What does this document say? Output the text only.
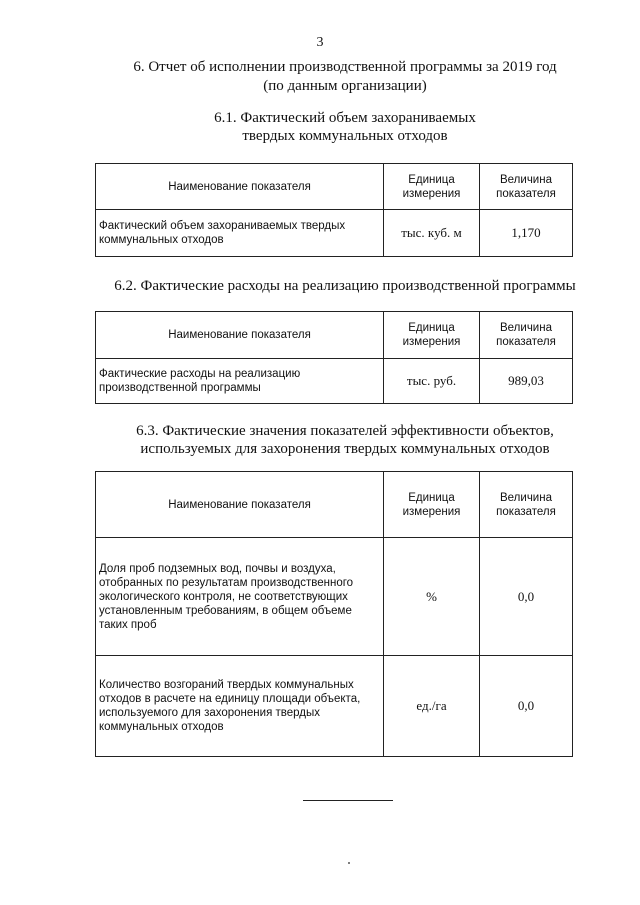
3
6. Отчет об исполнении производственной программы за 2019 год
(по данным организации)
6.1. Фактический объем захораниваемых
твердых коммунальных отходов
Наименование показателя	Единица измерения	Величина показателя
Фактический объем захораниваемых твердых коммунальных отходов	тыс. куб. м	1,170
6.2. Фактические расходы на реализацию производственной программы
Наименование показателя	Единица измерения	Величина показателя
Фактические расходы на реализацию производственной программы	тыс. руб.	989,03
6.3. Фактические значения показателей эффективности объектов,
используемых для захоронения твердых коммунальных отходов
Наименование показателя	Единица измерения	Величина показателя
Доля проб подземных вод, почвы и воздуха, отобранных по результатам производственного экологического контроля, не соответствующих установленным требованиям, в общем объеме таких проб	%	0,0
Количество возгораний твердых коммунальных отходов в расчете на единицу площади объекта, используемого для захоронения твердых коммунальных отходов	ед./га	0,0
